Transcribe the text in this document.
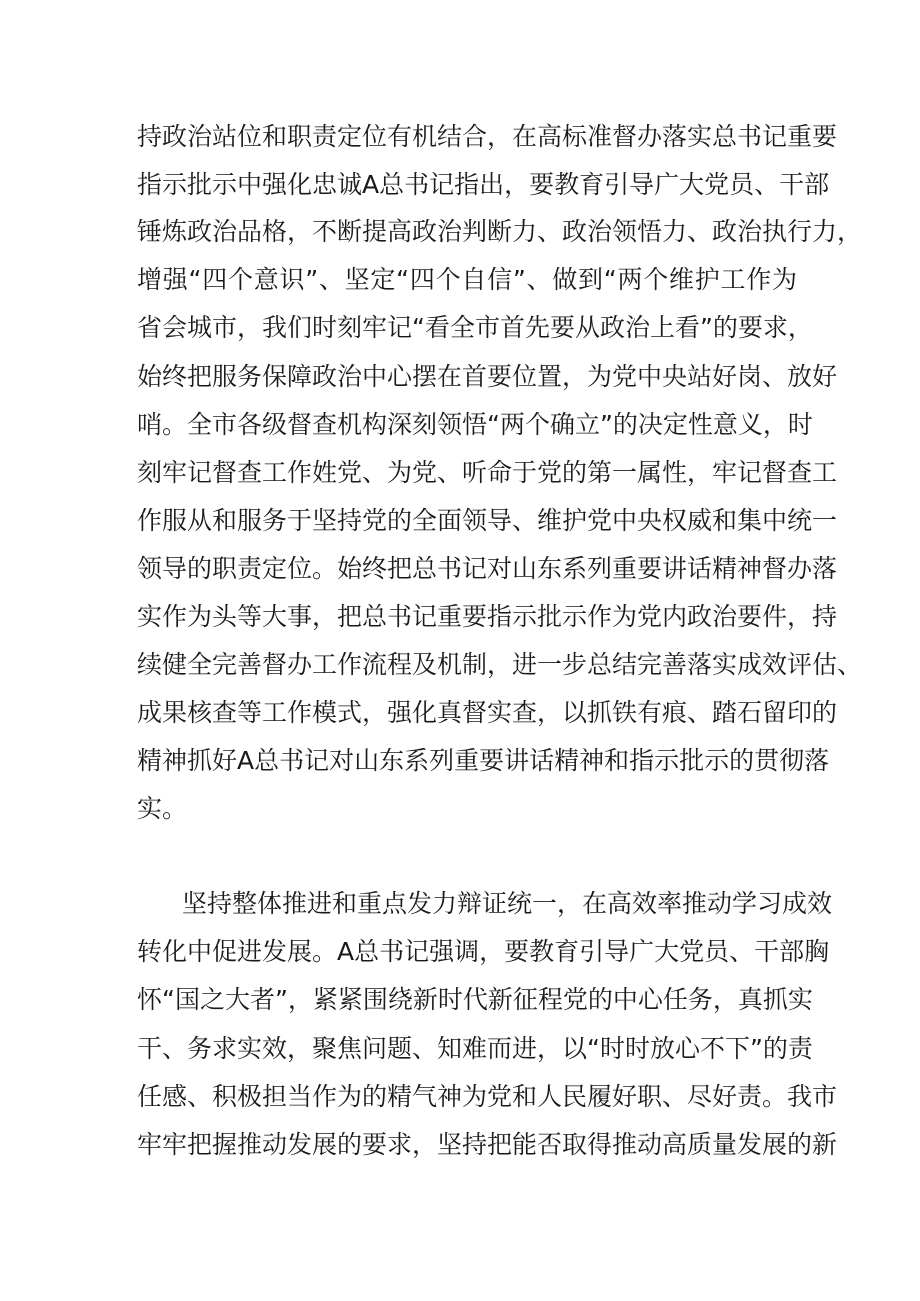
持政治站位和职责定位有机结合，在高标准督办落实总书记重要
指示批示中强化忠诚A总书记指出，要教育引导广大党员、干部
锤炼政治品格，不断提高政治判断力、政治领悟力、政治执行力，
增强“四个意识”、坚定“四个自信”、做到“两个维护工作为
省会城市，我们时刻牢记“看全市首先要从政治上看”的要求，
始终把服务保障政治中心摆在首要位置，为党中央站好岗、放好
哨。全市各级督查机构深刻领悟“两个确立”的决定性意义，时
刻牢记督查工作姓党、为党、听命于党的第一属性，牢记督查工
作服从和服务于坚持党的全面领导、维护党中央权威和集中统一
领导的职责定位。始终把总书记对山东系列重要讲话精神督办落
实作为头等大事，把总书记重要指示批示作为党内政治要件，持
续健全完善督办工作流程及机制，进一步总结完善落实成效评估、
成果核查等工作模式，强化真督实查，以抓铁有痕、踏石留印的
精神抓好A总书记对山东系列重要讲话精神和指示批示的贯彻落
实。
坚持整体推进和重点发力辩证统一，在高效率推动学习成效
转化中促进发展。A总书记强调，要教育引导广大党员、干部胸
怀“国之大者”，紧紧围绕新时代新征程党的中心任务，真抓实
干、务求实效，聚焦问题、知难而进，以“时时放心不下”的责
任感、积极担当作为的精气神为党和人民履好职、尽好责。我市
牢牢把握推动发展的要求，坚持把能否取得推动高质量发展的新
